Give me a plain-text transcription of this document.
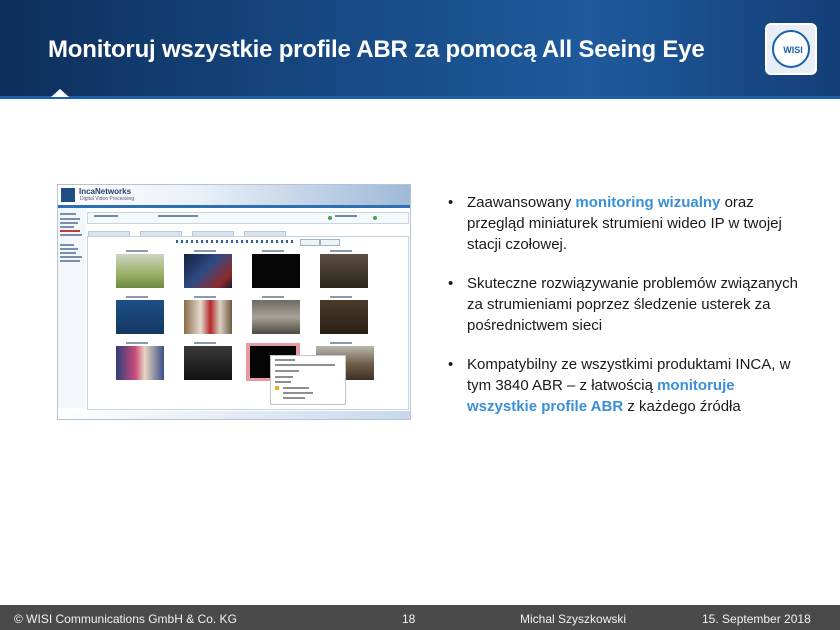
Monitoruj wszystkie profile ABR za pomocą All Seeing Eye	WISI
IncaNetworks
Digital Video Processing	• Zaawansowany monitoring wizualny oraz przegląd miniaturek strumieni wideo IP w twojej stacji czołowej.
• Skuteczne rozwiązywanie problemów związanych za strumieniami poprzez śledzenie usterek za pośrednictwem sieci
• Kompatybilny ze wszystkimi produktami INCA, w tym 3840 ABR – z łatwością monitoruje wszystkie profile ABR z każdego źródła
© WISI Communications GmbH & Co. KG	18	Michal Szyszkowski	15. September 2018
